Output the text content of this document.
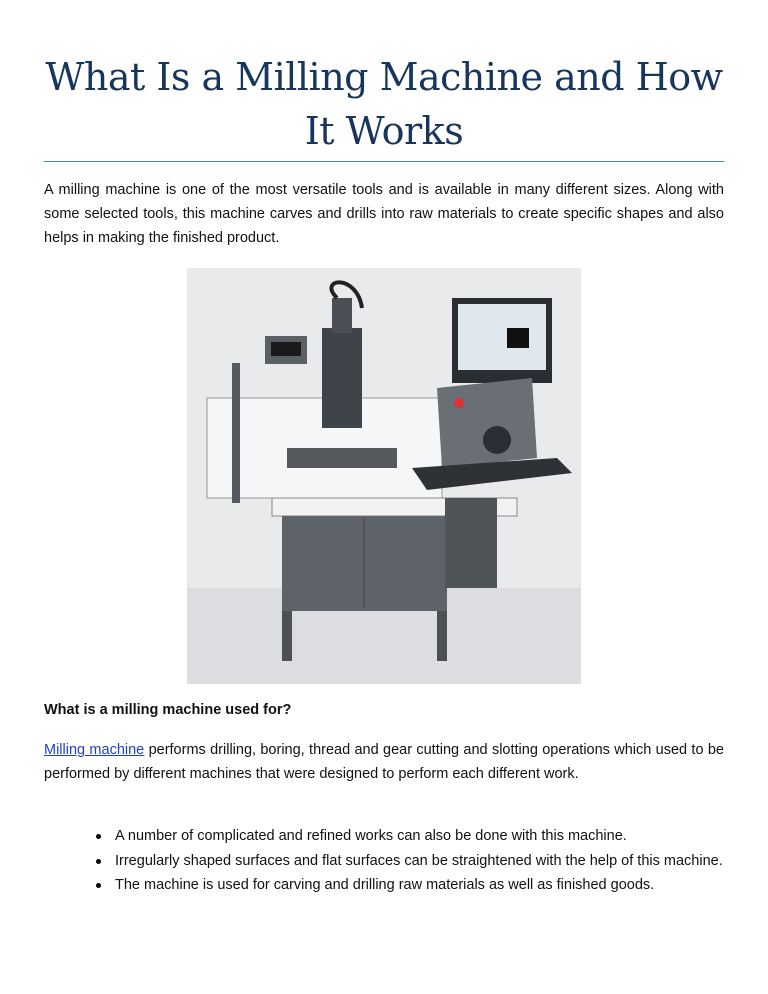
What Is a Milling Machine and How It Works

A milling machine is one of the most versatile tools and is available in many different sizes. Along with some selected tools, this machine carves and drills into raw materials to create specific shapes and also helps in making the finished product.

What is a milling machine used for?

Milling machine performs drilling, boring, thread and gear cutting and slotting operations which used to be performed by different machines that were designed to perform each different work.

A number of complicated and refined works can also be done with this machine.
Irregularly shaped surfaces and flat surfaces can be straightened with the help of this machine.
The machine is used for carving and drilling raw materials as well as finished goods.
